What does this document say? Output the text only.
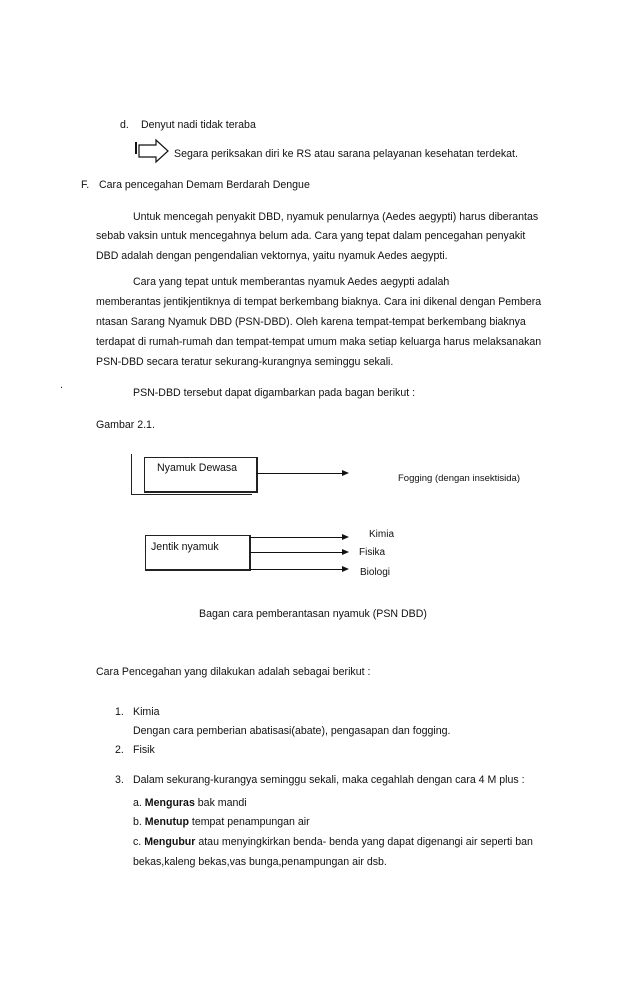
d. Denyut nadi tidak teraba
Segara periksakan diri ke RS atau sarana pelayanan kesehatan terdekat.
F. Cara pencegahan Demam Berdarah Dengue
Untuk mencegah penyakit DBD, nyamuk penularnya (Aedes aegypti) harus diberantas
sebab vaksin untuk mencegahnya belum ada. Cara yang tepat dalam pencegahan penyakit
DBD adalah dengan pengendalian vektornya, yaitu nyamuk Aedes aegypti.
Cara yang tepat untuk memberantas nyamuk Aedes aegypti adalah
memberantas jentikjentiknya di tempat berkembang biaknya. Cara ini dikenal dengan Pembera
ntasan Sarang Nyamuk DBD (PSN-DBD). Oleh karena tempat-tempat berkembang biaknya
terdapat di rumah-rumah dan tempat-tempat umum maka setiap keluarga harus melaksanakan
PSN-DBD secara teratur sekurang-kurangnya seminggu sekali.
.
PSN-DBD tersebut dapat digambarkan pada bagan berikut :
Gambar 2.1.
Nyamuk Dewasa
Fogging (dengan insektisida)
Jentik nyamuk
Kimia
Fisika
Biologi
Bagan cara pemberantasan nyamuk (PSN DBD)
Cara Pencegahan yang dilakukan adalah sebagai berikut :
1. Kimia
Dengan cara pemberian abatisasi(abate), pengasapan dan fogging.
2. Fisik
3. Dalam sekurang-kurangya seminggu sekali, maka cegahlah dengan cara 4 M plus :
a. Menguras bak mandi
b. Menutup tempat penampungan air
c. Mengubur atau menyingkirkan benda- benda yang dapat digenangi air seperti ban
bekas,kaleng bekas,vas bunga,penampungan air dsb.
